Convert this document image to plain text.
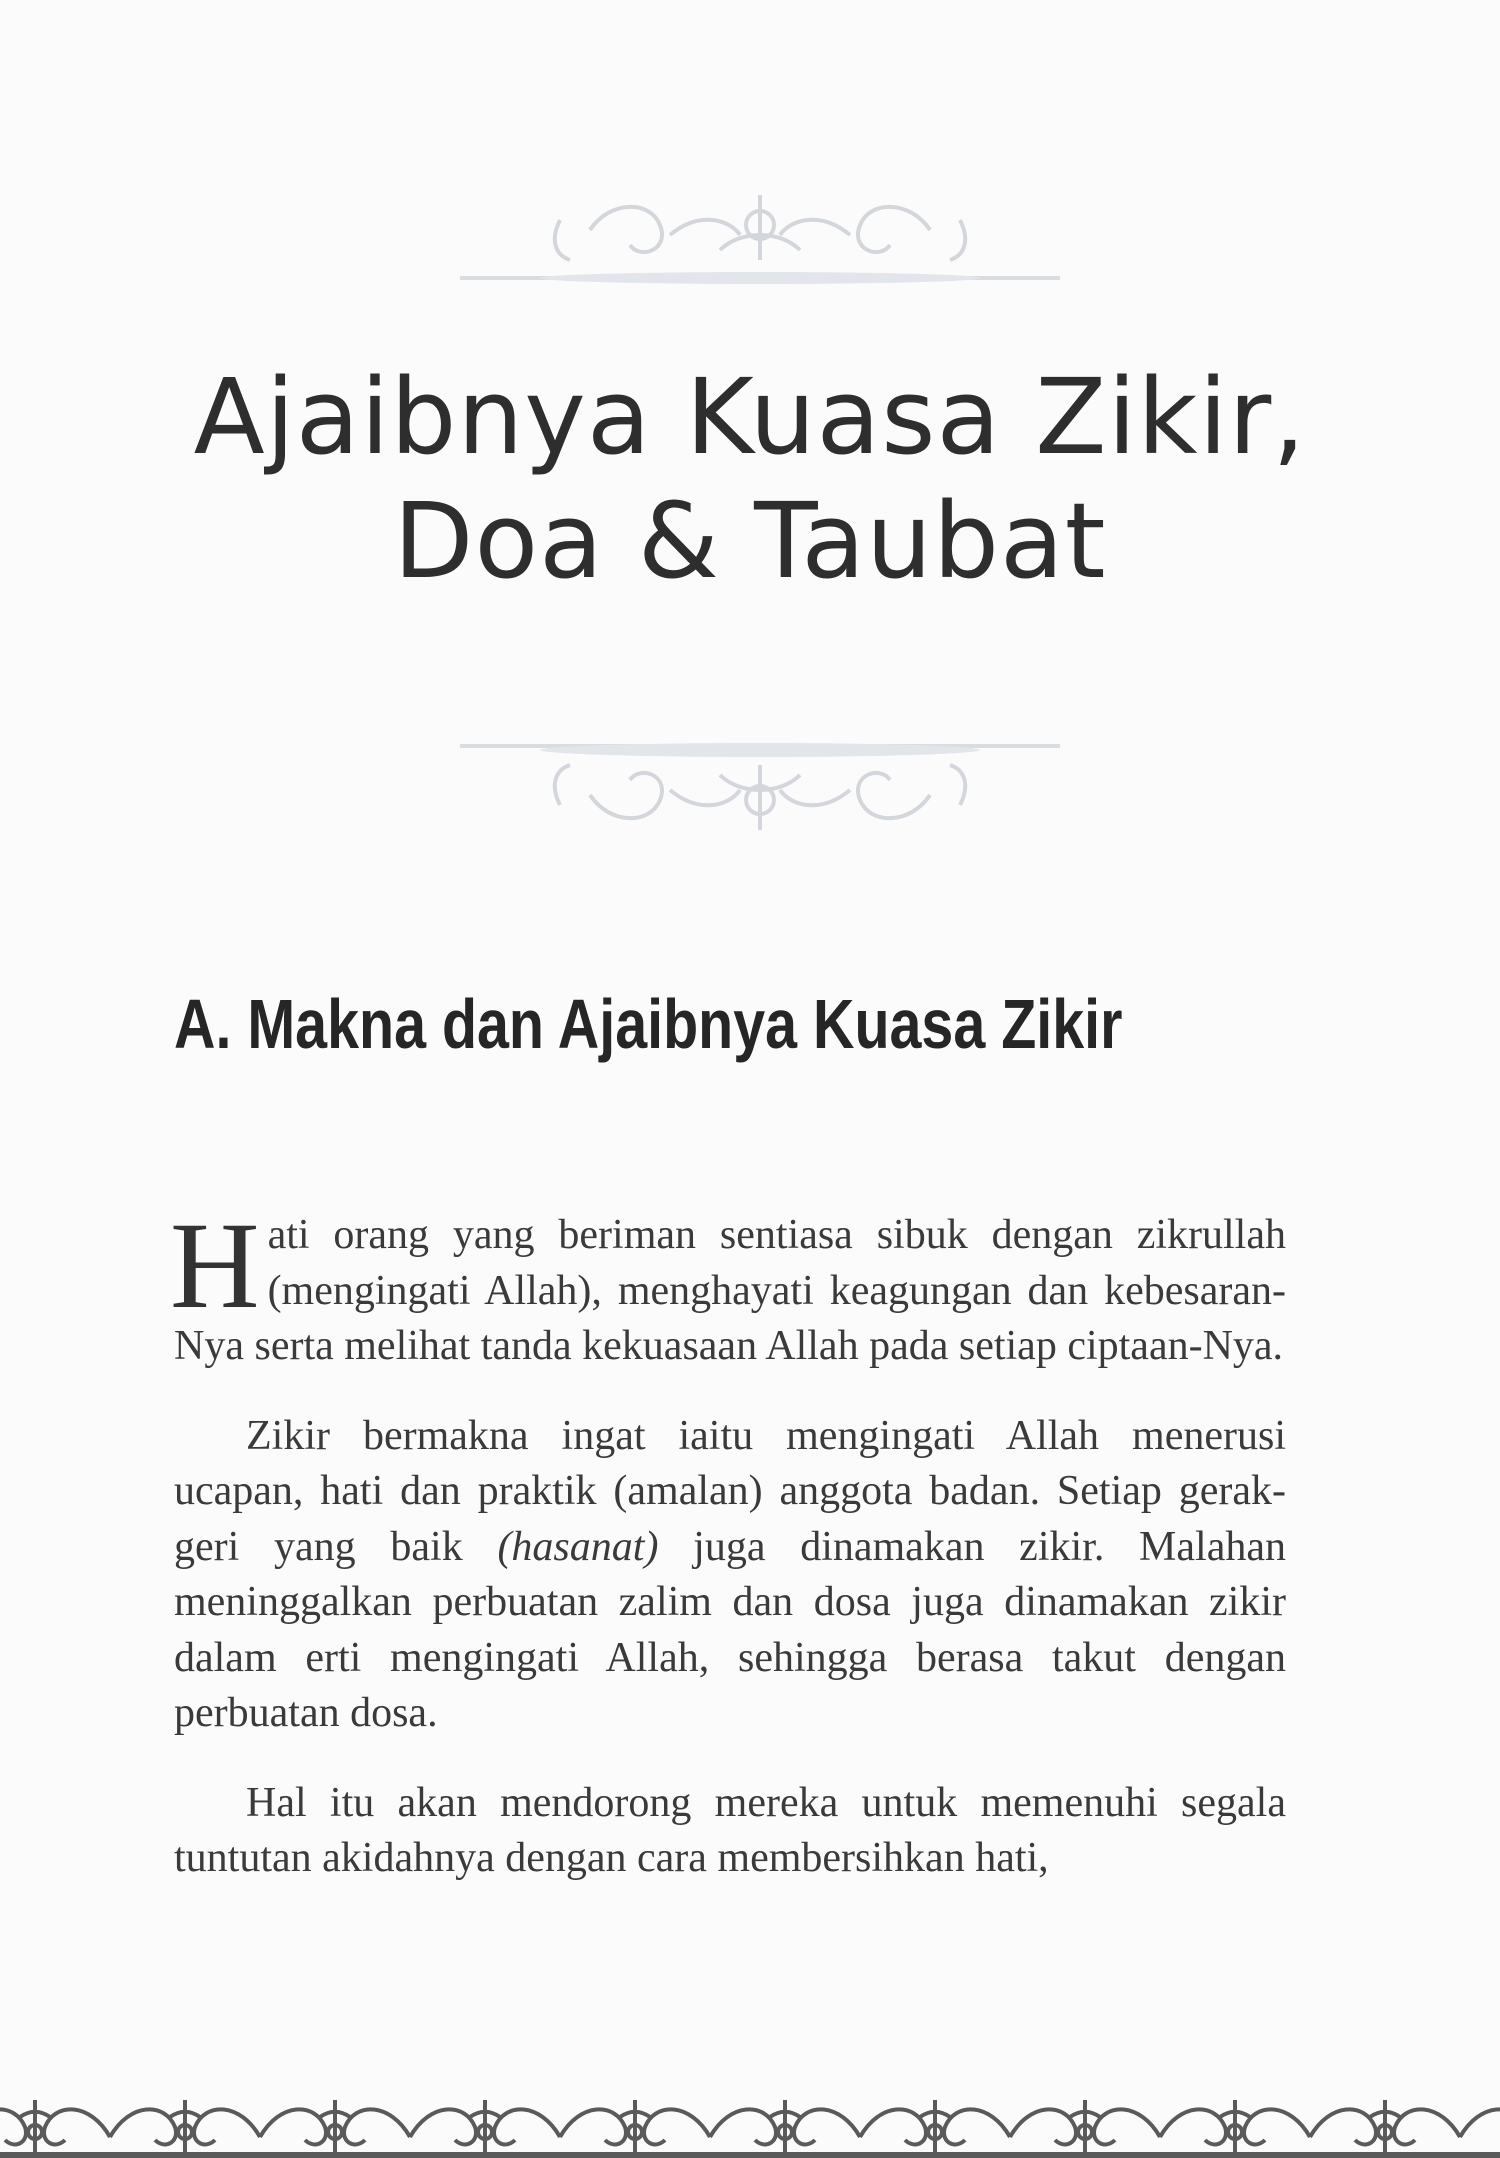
Ajaibnya Kuasa Zikir,
Doa & Taubat
A. Makna dan Ajaibnya Kuasa Zikir

Hati orang yang beriman sentiasa sibuk dengan zikrullah (mengingati Allah), menghayati keagungan dan kebesaran-Nya serta melihat tanda kekuasaan Allah pada setiap ciptaan-Nya.

Zikir bermakna ingat iaitu mengingati Allah menerusi ucapan, hati dan praktik (amalan) anggota badan. Setiap gerak-geri yang baik (hasanat) juga dinamakan zikir. Malahan meninggalkan perbuatan zalim dan dosa juga dinamakan zikir dalam erti mengingati Allah, sehingga berasa takut dengan perbuatan dosa.

Hal itu akan mendorong mereka untuk memenuhi segala tuntutan akidahnya dengan cara membersihkan hati,
